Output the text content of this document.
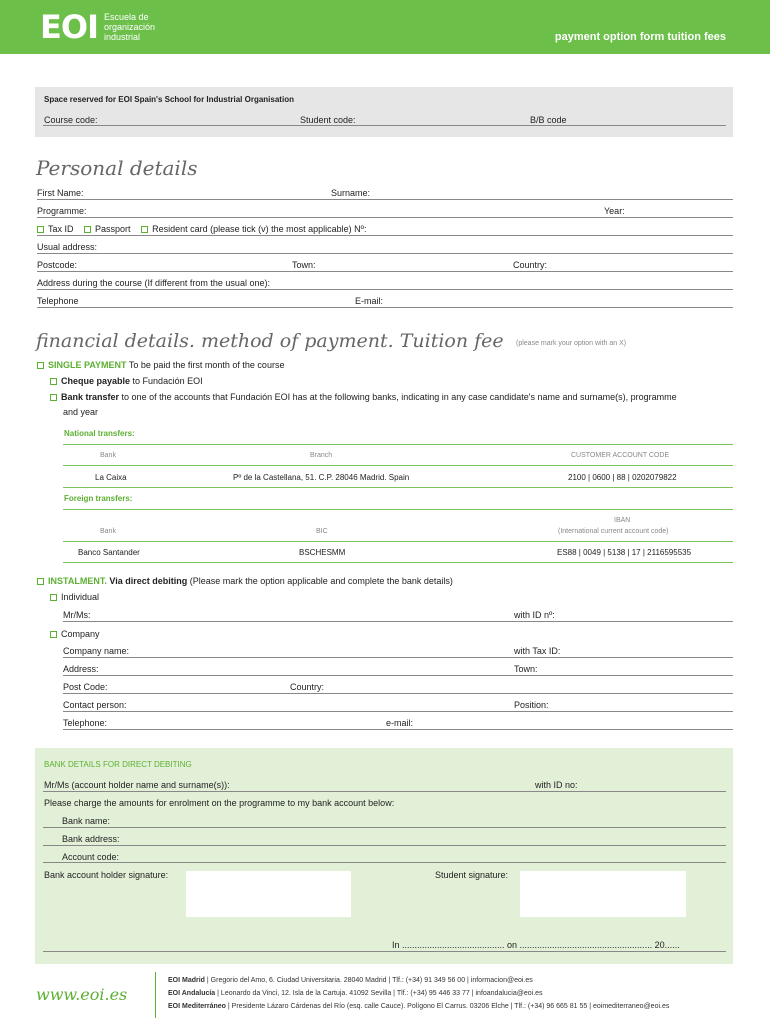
EOI Escuela de
organización
industrial	payment option form tuition fees
Space reserved for EOI Spain's School for Industrial Organisation
Course code:	Student code:	B/B code
Personal details
First Name:	Surname:
Programme:	Year:
Tax ID Passport Resident card (please tick (v) the most applicable) Nº:
Usual address:
Postcode:	Town:	Country:
Address during the course (If different from the usual one):
Telephone	E-mail:
financial details. method of payment. Tuition fee (please mark your option with an X)
SINGLE PAYMENT To be paid the first month of the course
Cheque payable to Fundación EOI
Bank transfer to one of the accounts that Fundación EOI has at the following banks, indicating in any case candidate's name and surname(s), programme
and year
National transfers:
Bank	Branch	CUSTOMER ACCOUNT CODE
La Caixa	Pº de la Castellana, 51. C.P. 28046 Madrid. Spain	2100 | 0600 | 88 | 0202079822
Foreign transfers:
IBAN
Bank	BIC	(International current account code)
Banco Santander	BSCHESMM	ES88 | 0049 | 5138 | 17 | 2116595535
INSTALMENT. Via direct debiting (Please mark the option applicable and complete the bank details)
Individual
Mr/Ms:	with ID nº:
Company
Company name:	with Tax ID:
Address:	Town:
Post Code:	Country:
Contact person:	Position:
Telephone:	e-mail:
BANK DETAILS FOR DIRECT DEBITING
Mr/Ms (account holder name and surname(s)):	with ID no:
Please charge the amounts for enrolment on the programme to my bank account below:
Bank name:
Bank address:
Account code:
Bank account holder signature:	Student signature:
In ......................................... on ..................................................... 20......
www.eoi.es
EOI Madrid | Gregorio del Amo, 6. Ciudad Universitaria. 28040 Madrid | Tlf.: (+34) 91 349 56 00 | informacion@eoi.es
EOI Andalucía | Leonardo da Vinci, 12. Isla de la Cartuja. 41092 Sevilla | Tlf.: (+34) 95 446 33 77 | infoandalucia@eoi.es
EOI Mediterráneo | Presidente Lázaro Cárdenas del Río (esq. calle Cauce). Polígono El Carrus. 03206 Elche | Tlf.: (+34) 96 665 81 55 | eoimediterraneo@eoi.es
